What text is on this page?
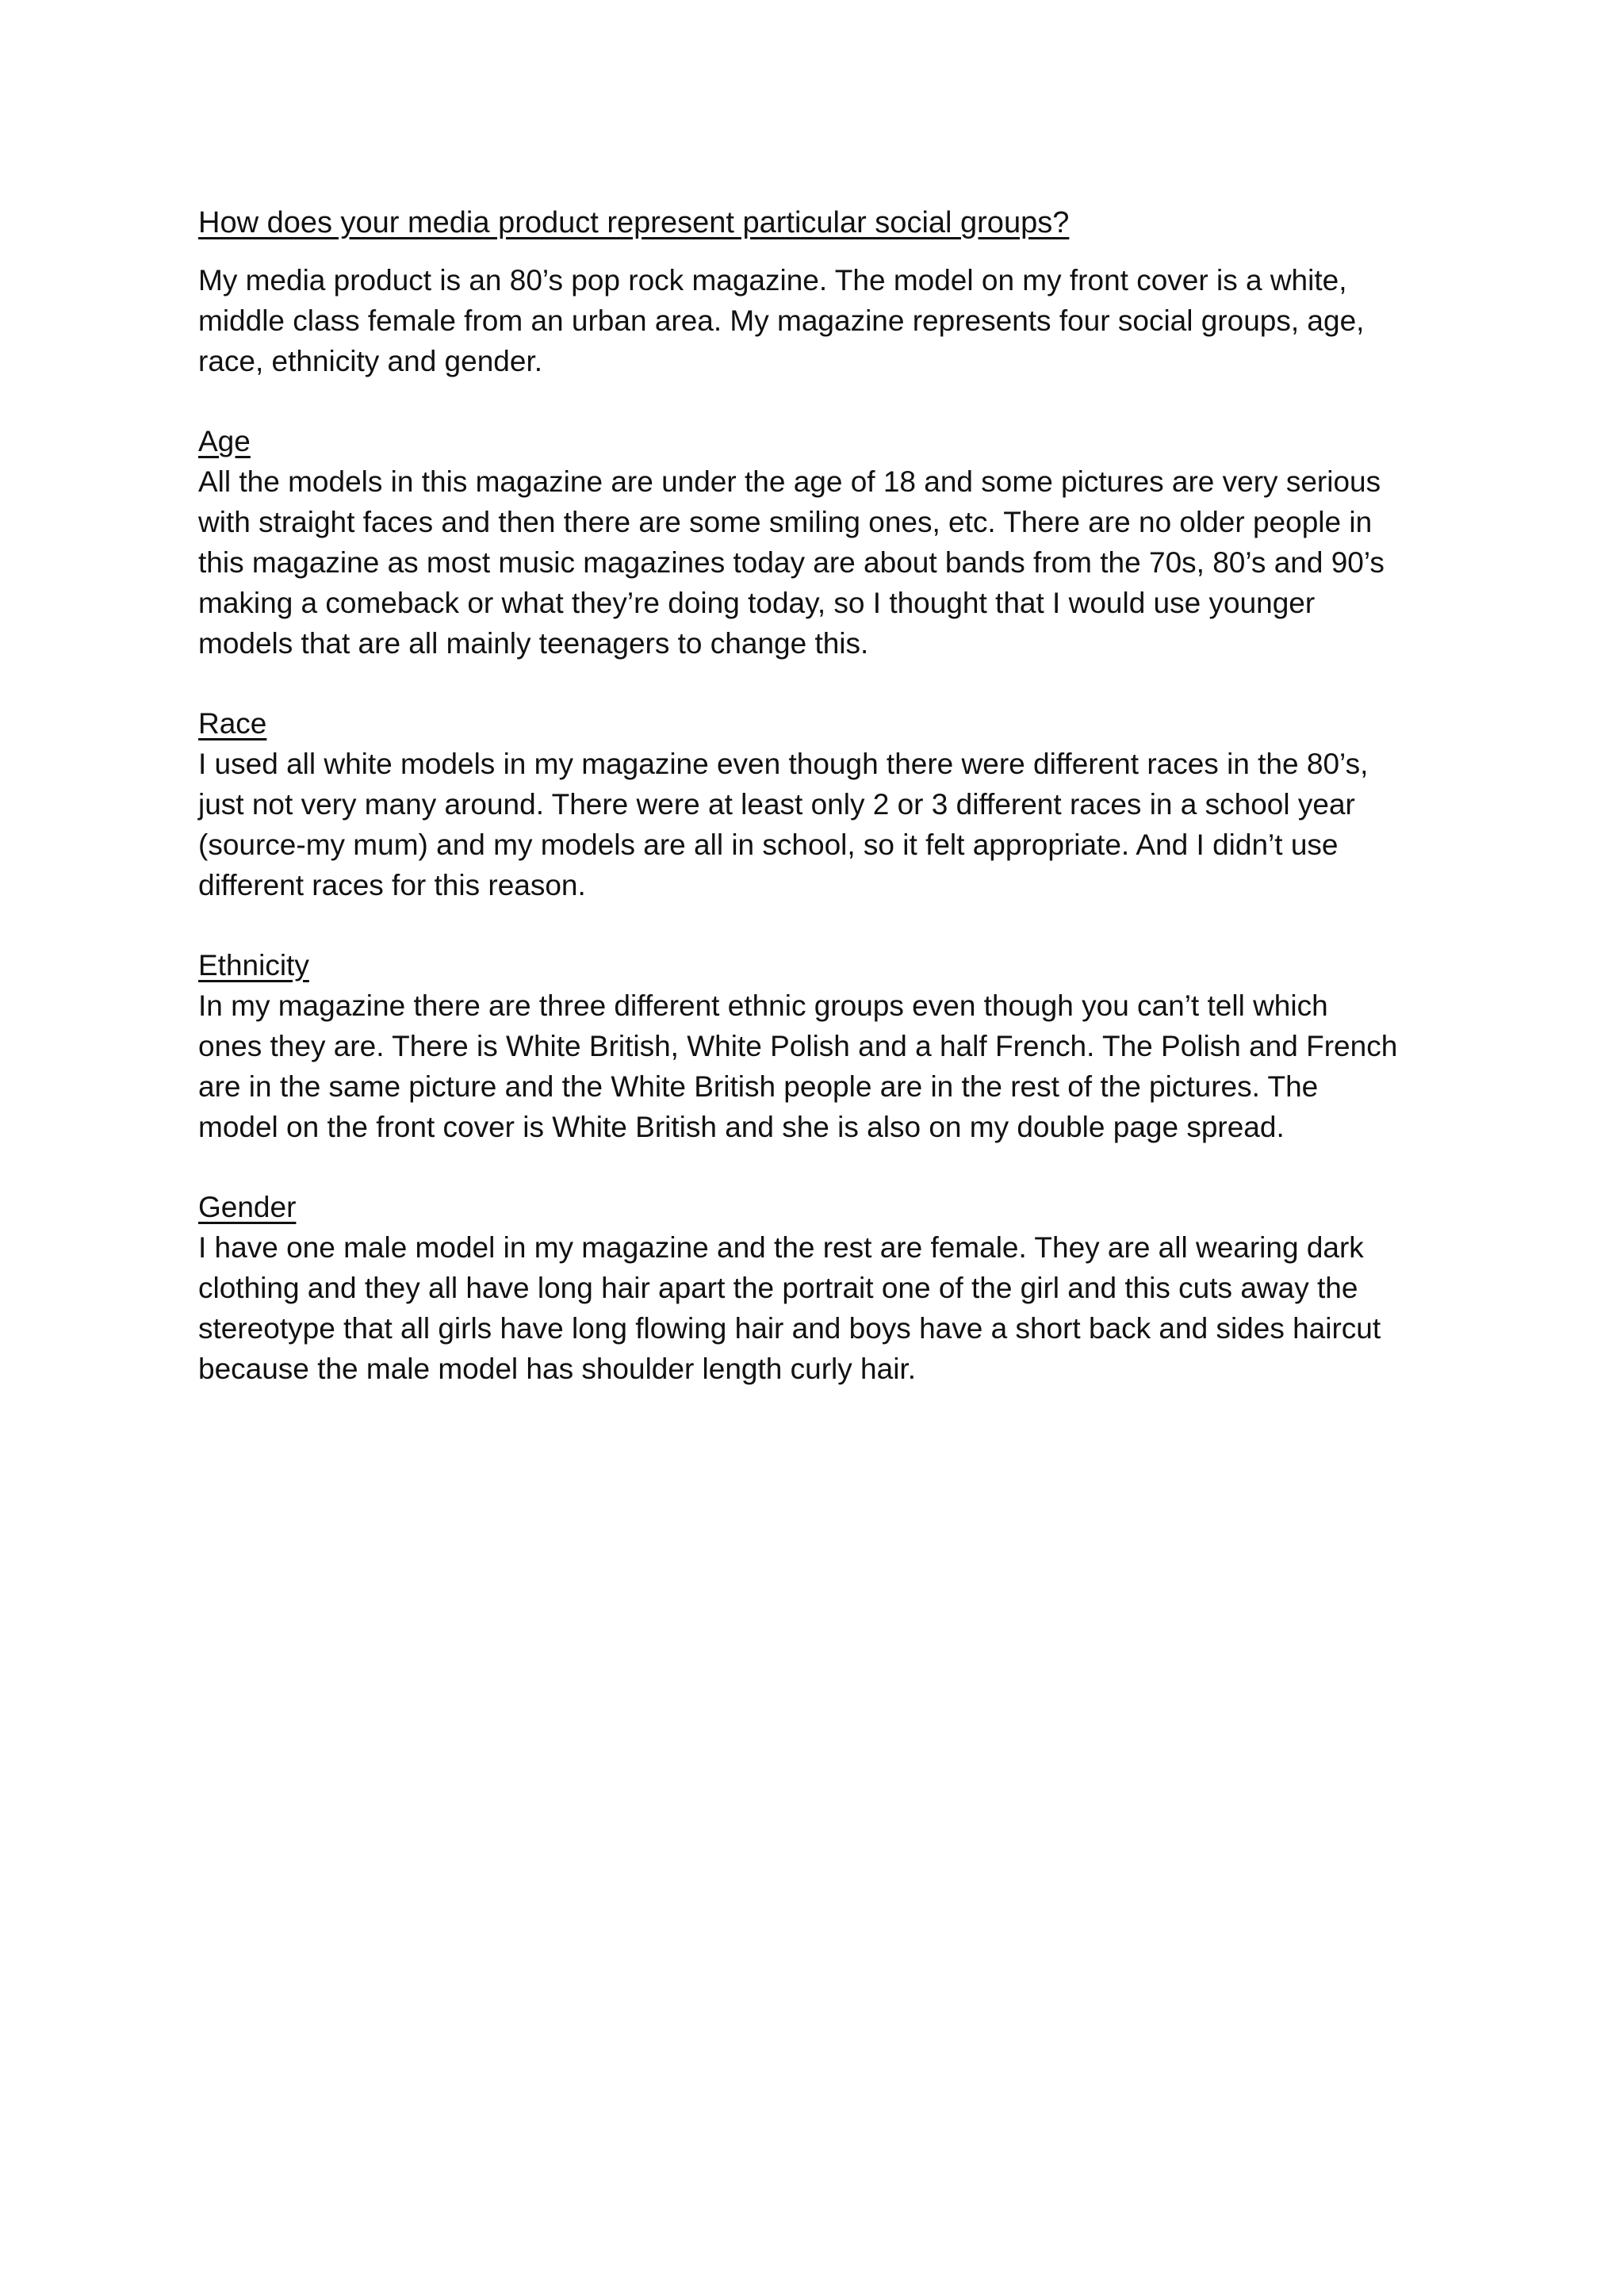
How does your media product represent particular social groups?

My media product is an 80’s pop rock magazine. The model on my front cover is a white,
middle class female from an urban area. My magazine represents four social groups, age,
race, ethnicity and gender.

Age

All the models in this magazine are under the age of 18 and some pictures are very serious
with straight faces and then there are some smiling ones, etc. There are no older people in
this magazine as most music magazines today are about bands from the 70s, 80’s and 90’s
making a comeback or what they’re doing today, so I thought that I would use younger
models that are all mainly teenagers to change this.

Race

I used all white models in my magazine even though there were different races in the 80’s,
just not very many around. There were at least only 2 or 3 different races in a school year
(source-my mum) and my models are all in school, so it felt appropriate. And I didn’t use
different races for this reason.

Ethnicity

In my magazine there are three different ethnic groups even though you can’t tell which
ones they are. There is White British, White Polish and a half French. The Polish and French
are in the same picture and the White British people are in the rest of the pictures. The
model on the front cover is White British and she is also on my double page spread.

Gender

I have one male model in my magazine and the rest are female. They are all wearing dark
clothing and they all have long hair apart the portrait one of the girl and this cuts away the
stereotype that all girls have long flowing hair and boys have a short back and sides haircut
because the male model has shoulder length curly hair.
